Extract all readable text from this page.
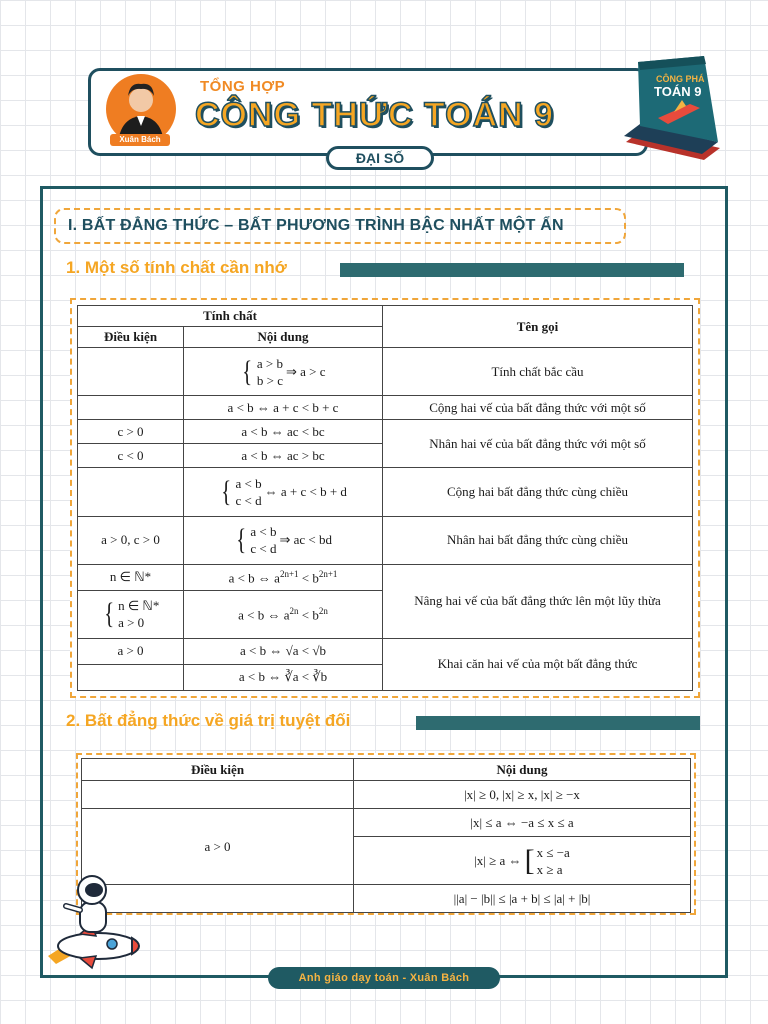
Xuân Bách
TỔNG HỢP
CÔNG THỨC TOÁN 9
ĐẠI SỐ
CÔNG PHÁ
TOÁN 9
I. BẤT ĐẲNG THỨC – BẤT PHƯƠNG TRÌNH BẬC NHẤT MỘT ẨN
1. Một số tính chất cần nhớ
Tính chất		Tên gọi
Điều kiện	Nội dung	

	{ a > b
b > c
⇒ a > c	Tính chất bắc cầu
	a < b ⇔ a + c < b + c	Cộng hai vế của bất đẳng thức với một số
c > 0	a < b ⇔ ac < bc	Nhân hai vế của bất đẳng thức với một số
c < 0	a < b ⇔ ac > bc	

	{ a < b
c < d
⇔ a + c < b + d	Cộng hai bất đẳng thức cùng chiều
a > 0, c > 0	{ a < b
c < d
⇒ ac < bd	Nhân hai bất đẳng thức cùng chiều
n ∈ ℕ*	a < b ⇔ $a^{2n+1} < b^{2n+1}$	Nâng hai vế của bất đẳng thức lên một lũy thừa

{ n ∈ ℕ*
a > 0	a < b ⇔ $a^{2n} < b^{2n}$
a > 0	a < b ⇔ √a < √b	Khai căn hai vế của một bất đẳng thức
	a < b ⇔ ∛a < ∛b	
2. Bất đẳng thức về giá trị tuyệt đối
Điều kiện	Nội dung
	|x| ≥ 0, |x| ≥ x, |x| ≥ −x
a > 0	|x| ≤ a ⇔ −a ≤ x ≤ a

	|x| ≥ a ⇔ [ x ≤ −a
x ≥ a

	||a| − |b|| ≤ |a + b| ≤ |a| + |b|
Anh giáo dạy toán - Xuân Bách
